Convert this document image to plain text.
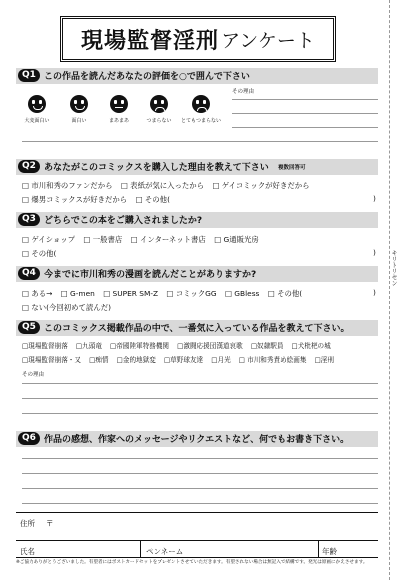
現場監督淫刑 アンケート
Q1 この作品を読んだあなたの評価を○で囲んで下さい
大変面白い	面白い	まあまあ	つまらない	とてもつまらない
その理由
Q2 あなたがこのコミックスを購入した理由を教えて下さい 複数回答可
□ 市川和秀のファンだから □ 表紙が気に入ったから □ ゲイコミックが好きだから
□ 爆男コミックスが好きだから □ その他(	)
Q3 どちらでこの本をご購入されましたか?
□ ゲイショップ □ 一般書店 □ インターネット書店 □ G通販光房
□ その他(	)
Q4 今までに市川和秀の漫画を読んだことがありますか?
□ ある→ □ G-men □ SUPER SM-Z □ コミックGG □ GBless □ その他(	)
□ ない(今回初めて読んだ)
Q5 このコミックス掲載作品の中で、一番気に入っている作品を教えて下さい。
□現場監督崩落 □九頭竜 □帝國陸軍特務機関 □激闘応援団漢道哀歌 □奴隷駅員 □犬枇杷の城
□現場監督崩落・又 □痴情 □金的地獄変 □草野球友達 □月光 □ 市川和秀責め絵画集 □淫刑
その理由
Q6 作品の感想、作家へのメッセージやリクエストなど、何でもお書き下さい。
住所 〒
氏名	ペンネーム	年齢
※ご協力ありがとうございました。有望者にはポストカードセットをプレゼントさせていただきます。有望されない場合は無記入で結構です。発光は原画にかえさせます。
キリトリセン
